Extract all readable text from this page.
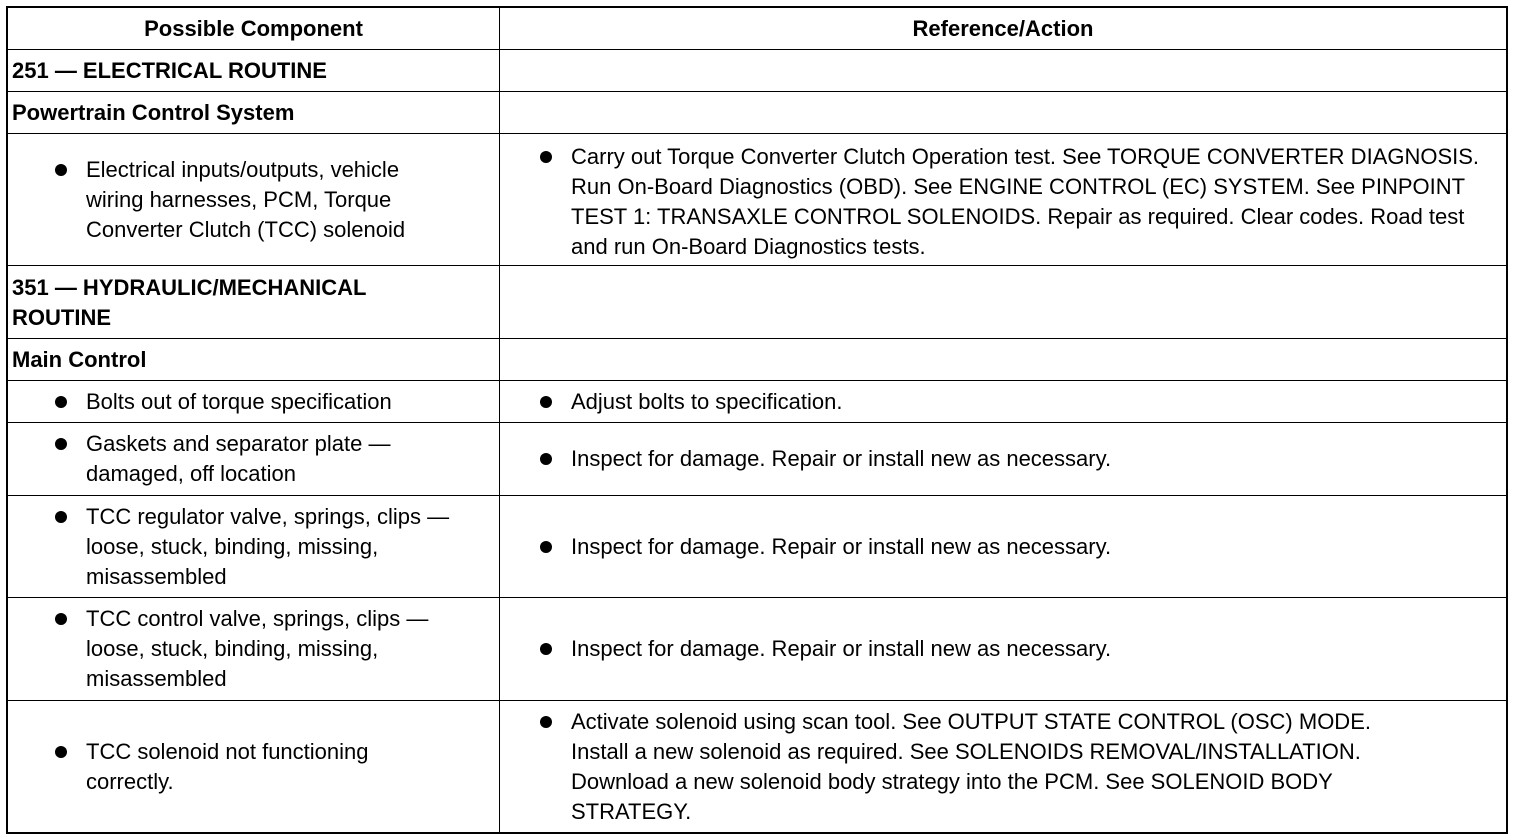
Possible Component	Reference/Action
251 — ELECTRICAL ROUTINE
Powertrain Control System
Electrical inputs/outputs, vehicle wiring harnesses, PCM, Torque Converter Clutch (TCC) solenoid
Carry out Torque Converter Clutch Operation test. See TORQUE CONVERTER DIAGNOSIS. Run On-Board Diagnostics (OBD). See ENGINE CONTROL (EC) SYSTEM. See PINPOINT TEST 1: TRANSAXLE CONTROL SOLENOIDS. Repair as required. Clear codes. Road test and run On-Board Diagnostics tests.
351 — HYDRAULIC/MECHANICAL ROUTINE
Main Control
Bolts out of torque specification	Adjust bolts to specification.
Gaskets and separator plate — damaged, off location
Inspect for damage. Repair or install new as necessary.
TCC regulator valve, springs, clips — loose, stuck, binding, missing, misassembled
Inspect for damage. Repair or install new as necessary.
TCC control valve, springs, clips — loose, stuck, binding, missing, misassembled
Inspect for damage. Repair or install new as necessary.
TCC solenoid not functioning correctly.
Activate solenoid using scan tool. See OUTPUT STATE CONTROL (OSC) MODE. Install a new solenoid as required. See SOLENOIDS REMOVAL/INSTALLATION. Download a new solenoid body strategy into the PCM. See SOLENOID BODY STRATEGY.
